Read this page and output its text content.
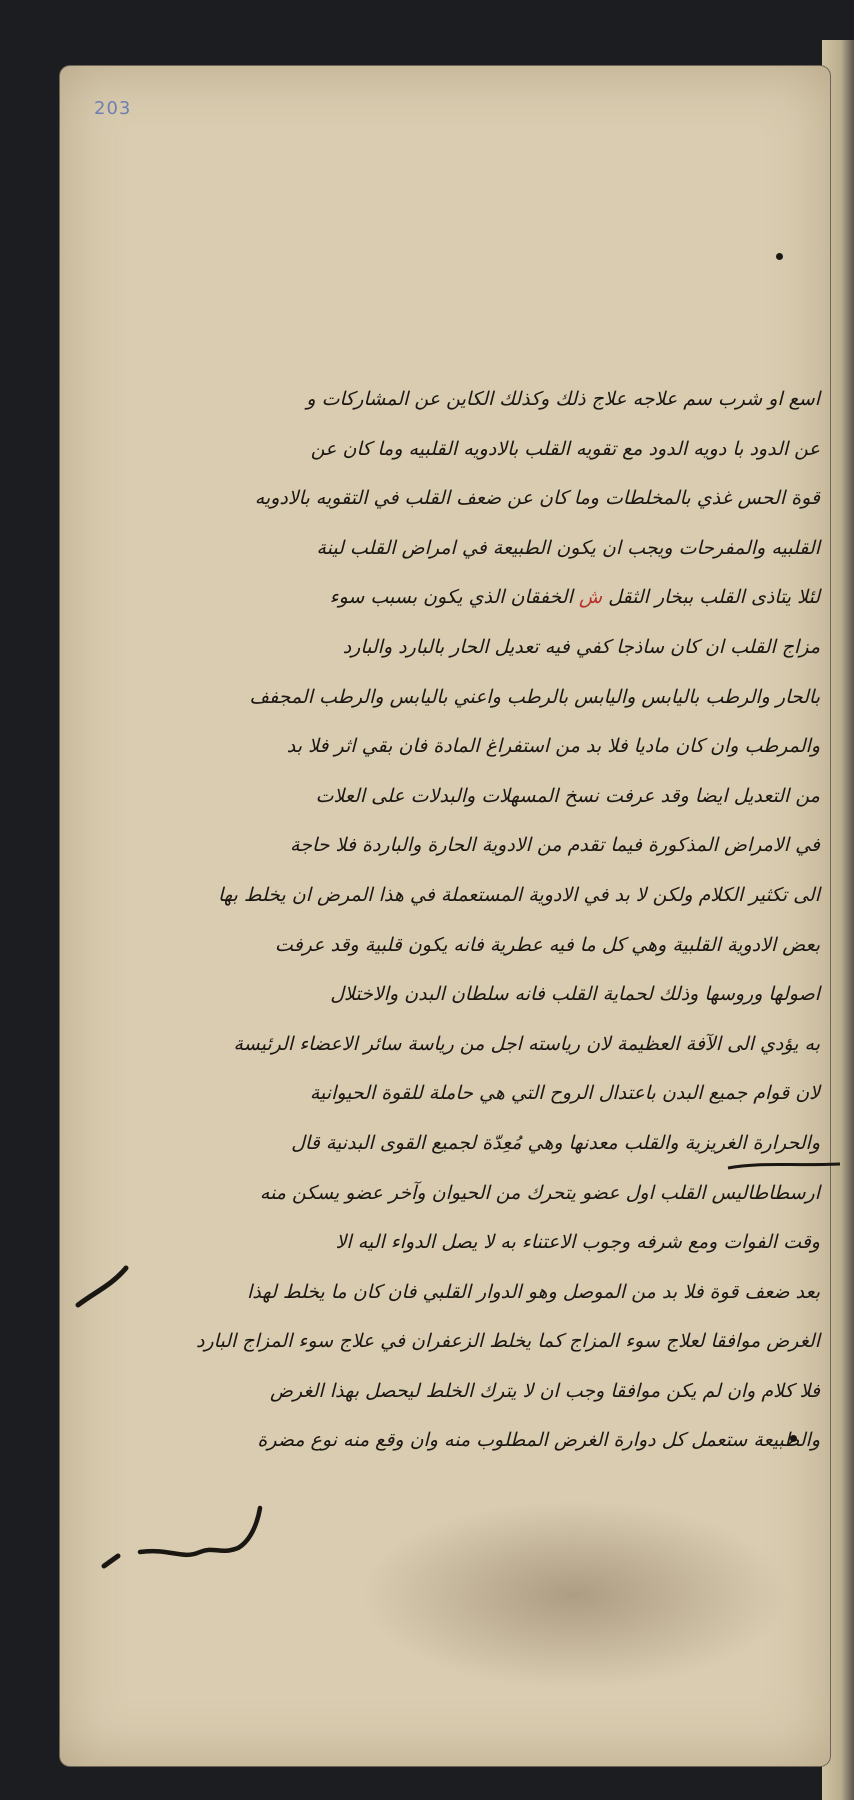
203
اسع او شرب سم علاجه علاج ذلك وكذلك الكاين عن المشاركات و
عن الدود با دويه الدود مع تقويه القلب بالادويه القلبيه وما كان عن
قوة الحس غذي بالمخلطات وما كان عن ضعف القلب في التقويه بالادويه
القلبيه والمفرحات ويجب ان يكون الطبيعة في امراض القلب لينة
لئلا يتاذى القلب ببخار الثقل ش الخفقان الذي يكون بسبب سوء
مزاج القلب ان كان ساذجا كفي فيه تعديل الحار بالبارد والبارد
بالحار والرطب باليابس واليابس بالرطب واعني باليابس والرطب المجفف
والمرطب وان كان ماديا فلا بد من استفراغ المادة فان بقي اثر فلا بد
من التعديل ايضا وقد عرفت نسخ المسهلات والبدلات على العلات
في الامراض المذكورة فيما تقدم من الادوية الحارة والباردة فلا حاجة
الى تكثير الكلام ولكن لا بد في الادوية المستعملة في هذا المرض ان يخلط بها
بعض الادوية القلبية وهي كل ما فيه عطرية فانه يكون قلبية وقد عرفت
اصولها وروسها وذلك لحماية القلب فانه سلطان البدن والاختلال
به يؤدي الى الآفة العظيمة لان رياسته اجل من رياسة سائر الاعضاء الرئيسة
لان قوام جميع البدن باعتدال الروح التي هي حاملة للقوة الحيوانية
والحرارة الغريزية والقلب معدنها وهي مُعِدّة لجميع القوى البدنية قال
ارسطاطاليس القلب اول عضو يتحرك من الحيوان وآخر عضو يسكن منه
وقت الفوات ومع شرفه وجوب الاعتناء به لا يصل الدواء اليه الا
بعد ضعف قوة فلا بد من الموصل وهو الدوار القلبي فان كان ما يخلط لهذا
الغرض موافقا لعلاج سوء المزاج كما يخلط الزعفران في علاج سوء المزاج البارد
فلا كلام وان لم يكن موافقا وجب ان لا يترك الخلط ليحصل بهذا الغرض
والطبيعة ستعمل كل دوارة الغرض المطلوب منه وان وقع منه نوع مضرة
